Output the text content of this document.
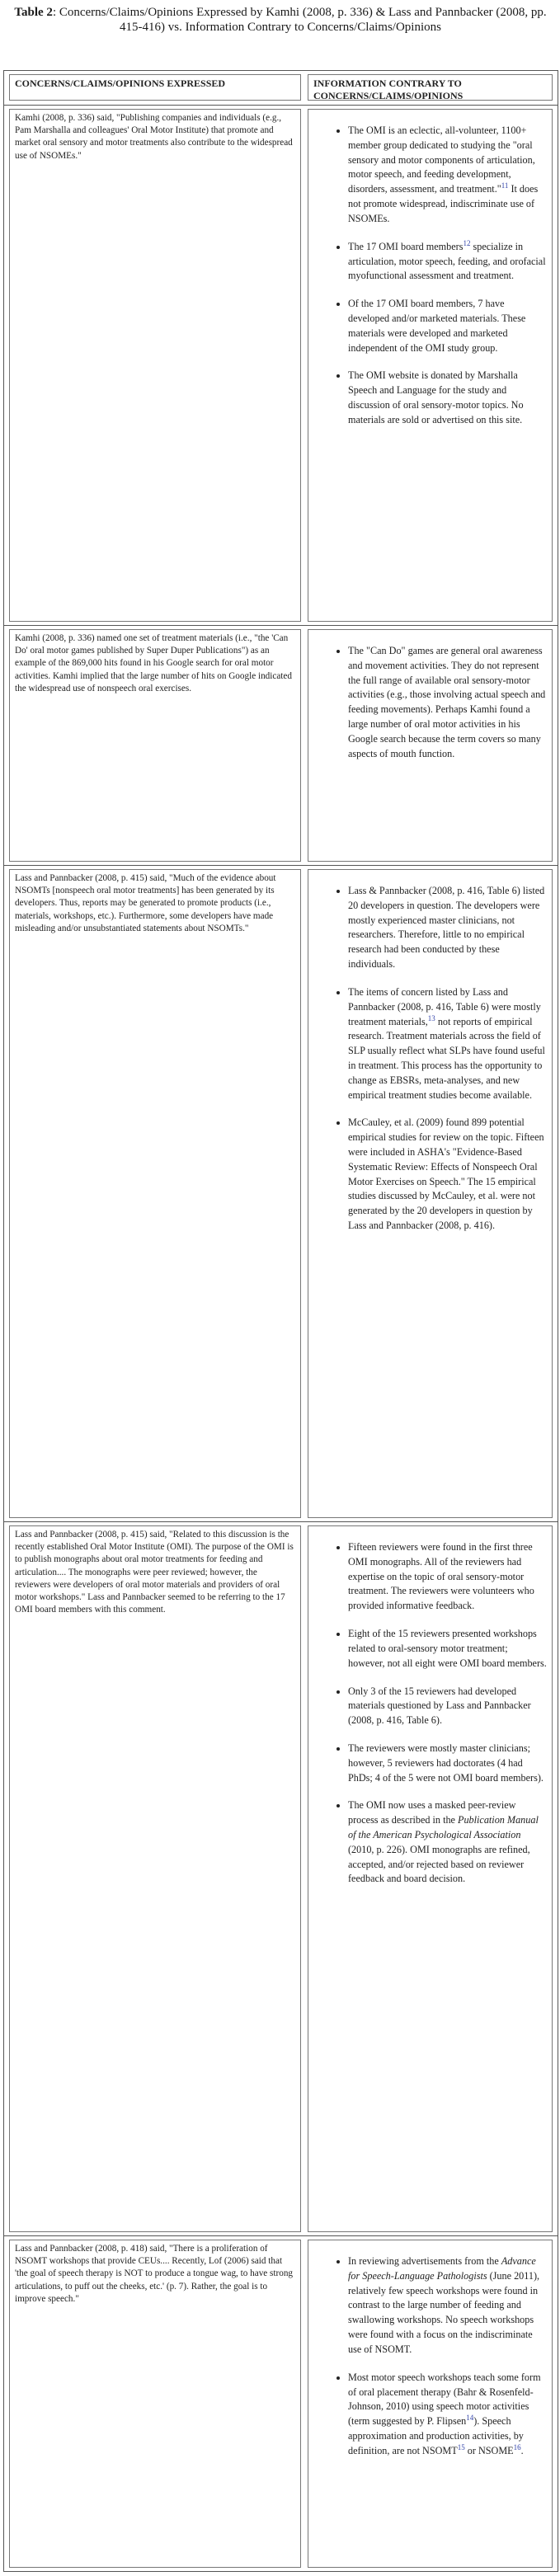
Table 2: Concerns/Claims/Opinions Expressed by Kamhi (2008, p. 336) & Lass and Pannbacker (2008, pp. 415-416) vs. Information Contrary to Concerns/Claims/Opinions
CONCERNS/CLAIMS/OPINIONS EXPRESSED	INFORMATION CONTRARY TO CONCERNS/CLAIMS/OPINIONS
Kamhi (2008, p. 336) said, "Publishing companies and individuals (e.g., Pam Marshalla and colleagues' Oral Motor Institute) that promote and market oral sensory and motor treatments also contribute to the widespread use of NSOMEs."
• The OMI is an eclectic, all-volunteer, 1100+ member group dedicated to studying the "oral sensory and motor components of articulation, motor speech, and feeding development, disorders, assessment, and treatment."$^{11}$ It does not promote widespread, indiscriminate use of NSOMEs.
• The 17 OMI board members$^{12}$ specialize in articulation, motor speech, feeding, and orofacial myofunctional assessment and treatment.
• Of the 17 OMI board members, 7 have developed and/or marketed materials. These materials were developed and marketed independent of the OMI study group.
• The OMI website is donated by Marshalla Speech and Language for the study and discussion of oral sensory-motor topics. No materials are sold or advertised on this site.
Kamhi (2008, p. 336) named one set of treatment materials (i.e., "the 'Can Do' oral motor games published by Super Duper Publications") as an example of the 869,000 hits found in his Google search for oral motor activities. Kamhi implied that the large number of hits on Google indicated the widespread use of nonspeech oral exercises.
• The "Can Do" games are general oral awareness and movement activities. They do not represent the full range of available oral sensory-motor activities (e.g., those involving actual speech and feeding movements). Perhaps Kamhi found a large number of oral motor activities in his Google search because the term covers so many aspects of mouth function.
Lass and Pannbacker (2008, p. 415) said, "Much of the evidence about NSOMTs [nonspeech oral motor treatments] has been generated by its developers. Thus, reports may be generated to promote products (i.e., materials, workshops, etc.). Furthermore, some developers have made misleading and/or unsubstantiated statements about NSOMTs."
• Lass & Pannbacker (2008, p. 416, Table 6) listed 20 developers in question. The developers were mostly experienced master clinicians, not researchers. Therefore, little to no empirical research had been conducted by these individuals.
• The items of concern listed by Lass and Pannbacker (2008, p. 416, Table 6) were mostly treatment materials,$^{13}$ not reports of empirical research. Treatment materials across the field of SLP usually reflect what SLPs have found useful in treatment. This process has the opportunity to change as EBSRs, meta-analyses, and new empirical treatment studies become available.
• McCauley, et al. (2009) found 899 potential empirical studies for review on the topic. Fifteen were included in ASHA's "Evidence-Based Systematic Review: Effects of Nonspeech Oral Motor Exercises on Speech." The 15 empirical studies discussed by McCauley, et al. were not generated by the 20 developers in question by Lass and Pannbacker (2008, p. 416).
Lass and Pannbacker (2008, p. 415) said, "Related to this discussion is the recently established Oral Motor Institute (OMI). The purpose of the OMI is to publish monographs about oral motor treatments for feeding and articulation.... The monographs were peer reviewed; however, the reviewers were developers of oral motor materials and providers of oral motor workshops." Lass and Pannbacker seemed to be referring to the 17 OMI board members with this comment.
• Fifteen reviewers were found in the first three OMI monographs. All of the reviewers had expertise on the topic of oral sensory-motor treatment. The reviewers were volunteers who provided informative feedback.
• Eight of the 15 reviewers presented workshops related to oral-sensory motor treatment; however, not all eight were OMI board members.
• Only 3 of the 15 reviewers had developed materials questioned by Lass and Pannbacker (2008, p. 416, Table 6).
• The reviewers were mostly master clinicians; however, 5 reviewers had doctorates (4 had PhDs; 4 of the 5 were not OMI board members).
• The OMI now uses a masked peer-review process as described in the Publication Manual of the American Psychological Association (2010, p. 226). OMI monographs are refined, accepted, and/or rejected based on reviewer feedback and board decision.
Lass and Pannbacker (2008, p. 418) said, "There is a proliferation of NSOMT workshops that provide CEUs.... Recently, Lof (2006) said that 'the goal of speech therapy is NOT to produce a tongue wag, to have strong articulations, to puff out the cheeks, etc.' (p. 7). Rather, the goal is to improve speech."
• In reviewing advertisements from the Advance for Speech-Language Pathologists (June 2011), relatively few speech workshops were found in contrast to the large number of feeding and swallowing workshops. No speech workshops were found with a focus on the indiscriminate use of NSOMT.
• Most motor speech workshops teach some form of oral placement therapy (Bahr & Rosenfeld-Johnson, 2010) using speech motor activities (term suggested by P. Flipsen$^{14}$). Speech approximation and production activities, by definition, are not NSOMT$^{15}$ or NSOME$^{16}$.
